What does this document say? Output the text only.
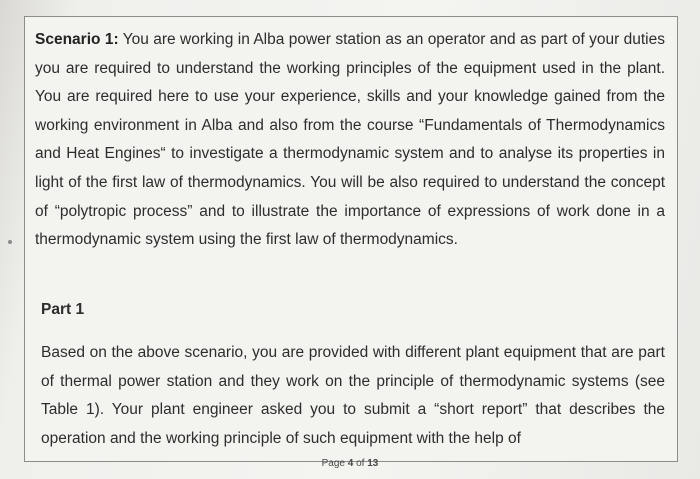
Scenario 1: You are working in Alba power station as an operator and as part of your duties you are required to understand the working principles of the equipment used in the plant. You are required here to use your experience, skills and your knowledge gained from the working environment in Alba and also from the course “Fundamentals of Thermodynamics and Heat Engines“ to investigate a thermodynamic system and to analyse its properties in light of the first law of thermodynamics. You will be also required to understand the concept of “polytropic process” and to illustrate the importance of expressions of work done in a thermodynamic system using the first law of thermodynamics.

Part 1

Based on the above scenario, you are provided with different plant equipment that are part of thermal power station and they work on the principle of thermodynamic systems (see Table 1). Your plant engineer asked you to submit a “short report” that describes the operation and the working principle of such equipment with the help of

Page 4 of 13
